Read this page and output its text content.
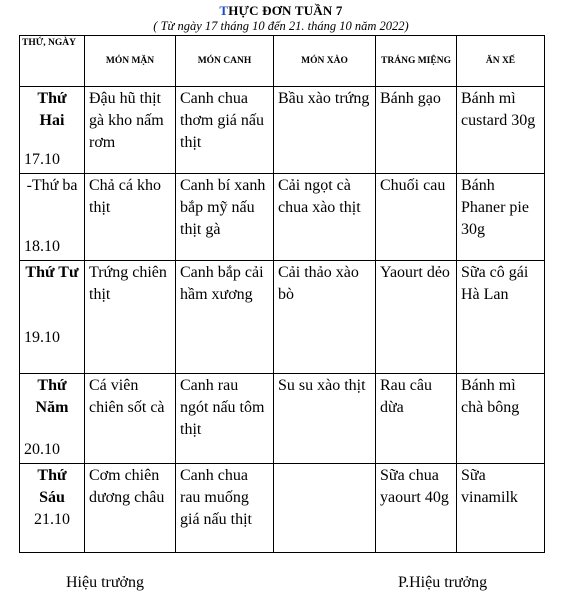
THỰC ĐƠN TUẦN 7
( Từ ngày 17 tháng 10 đến 21. tháng 10 năm 2022)
THỨ, NGÀY	MÓN MẶN	MÓN CANH	MÓN XÀO	TRÁNG MIỆNG	ĂN XẾ

Thứ Hai
17.10	Đậu hũ thịt gà kho nấm rơm	Canh chua thơm giá nấu thịt	Bầu xào trứng	Bánh gạo	Bánh mì custard 30g

-Thứ ba
18.10	Chả cá kho thịt	Canh bí xanh bắp mỹ nấu thịt gà	Cải ngọt cà chua xào thịt	Chuối cau	Bánh Phaner pie 30g

Thứ Tư
19.10	Trứng chiên thịt	Canh bắp cải hầm xương	Cải thảo xào bò	Yaourt dẻo	Sữa cô gái Hà Lan

Thứ Năm
20.10	Cá viên chiên sốt cà	Canh rau ngót nấu tôm thịt	Su su xào thịt	Rau câu dừa	Bánh mì chà bông

Thứ Sáu
21.10	Cơm chiên dương châu	Canh chua rau muống giá nấu thịt		Sữa chua yaourt 40g	Sữa vinamilk
Hiệu trưởng	P.Hiệu trưởng
